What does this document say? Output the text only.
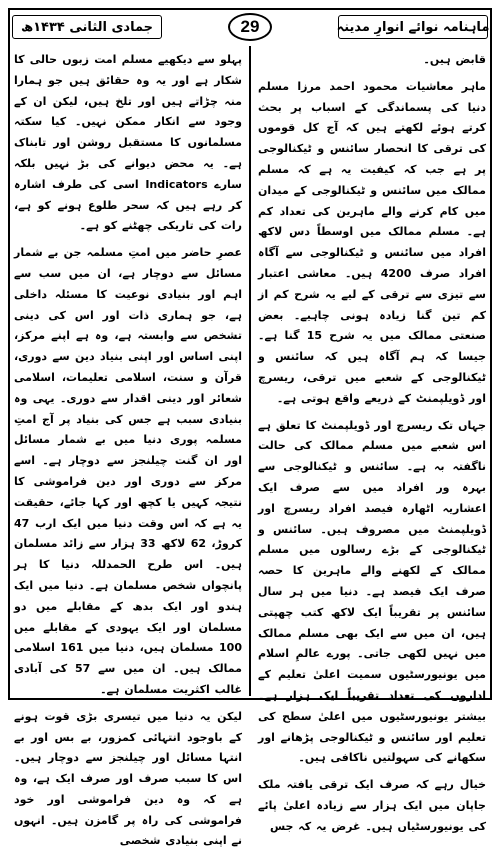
جمادی الثانی ۱۴۳۴ھ	29	ماہنامہ نوائے انوارِ مدینہ

قابض ہیں۔

ماہر معاشیات محمود احمد مرزا مسلم دنیا کی پسماندگی کے اسباب پر بحث کرتے ہوئے لکھتے ہیں کہ آج کل قوموں کی ترقی کا انحصار سائنس و ٹیکنالوجی پر ہے جب کہ کیفیت یہ ہے کہ مسلم ممالک میں سائنس و ٹیکنالوجی کے میدان میں کام کرنے والے ماہرین کی تعداد کم ہے۔ مسلم ممالک میں اوسطاً دس لاکھ افراد میں سائنس و ٹیکنالوجی سے آگاہ افراد صرف 4200 ہیں۔ معاشی اعتبار سے تیزی سے ترقی کے لیے یہ شرح کم از کم تین گنا زیادہ ہونی چاہیے۔ بعض صنعتی ممالک میں یہ شرح 15 گنا ہے۔ جیسا کہ ہم آگاہ ہیں کہ سائنس و ٹیکنالوجی کے شعبے میں ترقی، ریسرچ اور ڈویلپمنٹ کے ذریعے واقع ہوتی ہے۔

جہاں تک ریسرچ اور ڈویلپمنٹ کا تعلق ہے اس شعبے میں مسلم ممالک کی حالت ناگفتہ بہ ہے۔ سائنس و ٹیکنالوجی سے بہرہ ور افراد میں سے صرف ایک اعشاریہ اٹھارہ فیصد افراد ریسرچ اور ڈویلپمنٹ میں مصروف ہیں۔ سائنس و ٹیکنالوجی کے بڑے رسالوں میں مسلم ممالک کے لکھنے والے ماہرین کا حصہ صرف ایک فیصد ہے۔ دنیا میں ہر سال سائنس پر تقریباً ایک لاکھ کتب چھپتی ہیں، ان میں سے ایک بھی مسلم ممالک میں نہیں لکھی جاتی۔ پورے عالمِ اسلام میں یونیورسٹیوں سمیت اعلیٰ تعلیم کے اداروں کی تعداد تقریباً ایک ہزار ہے۔ بیشتر یونیورسٹیوں میں اعلیٰ سطح کی تعلیم اور سائنس و ٹیکنالوجی پڑھانے اور سکھانے کی سہولتیں ناکافی ہیں۔

خیال رہے کہ صرف ایک ترقی یافتہ ملک جاپان میں ایک ہزار سے زیادہ اعلیٰ پائے کی یونیورسٹیاں ہیں۔ غرض یہ کہ جس

پہلو سے دیکھیے مسلم امت زبوں حالی کا شکار ہے اور یہ وہ حقائق ہیں جو ہمارا منہ چڑاتے ہیں اور تلخ ہیں، لیکن ان کے وجود سے انکار ممکن نہیں۔ کیا سکتہ مسلمانوں کا مستقبل روشن اور تابناک ہے۔ یہ محض دیوانے کی بڑ نہیں بلکہ سارے Indicators اسی کی طرف اشارہ کر رہے ہیں کہ سحر طلوع ہونے کو ہے، رات کی تاریکی چھٹنے کو ہے۔

عصرِ حاضر میں امتِ مسلمہ جن بے شمار مسائل سے دوچار ہے، ان میں سب سے اہم اور بنیادی نوعیت کا مسئلہ داخلی ہے، جو ہماری ذات اور اس کی دینی تشخص سے وابستہ ہے، وہ ہے اپنے مرکز، اپنی اساس اور اپنی بنیاد دین سے دوری، قرآن و سنت، اسلامی تعلیمات، اسلامی شعائر اور دینی اقدار سے دوری۔ یہی وہ بنیادی سبب ہے جس کی بنیاد پر آج امتِ مسلمہ پوری دنیا میں بے شمار مسائل اور ان گنت چیلنجز سے دوچار ہے۔ اسے مرکز سے دوری اور دین فراموشی کا نتیجہ کہیں یا کچھ اور کہا جائے، حقیقت یہ ہے کہ اس وقت دنیا میں ایک ارب 47 کروڑ، 62 لاکھ 33 ہزار سے زائد مسلمان ہیں۔ اس طرح الحمدللہ دنیا کا ہر پانچواں شخص مسلمان ہے۔ دنیا میں ایک ہندو اور ایک بدھ کے مقابلے میں دو مسلمان اور ایک یہودی کے مقابلے میں 100 مسلمان ہیں، دنیا میں 161 اسلامی ممالک ہیں۔ ان میں سے 57 کی آبادی غالب اکثریت مسلمان ہے۔

لیکن یہ دنیا میں تیسری بڑی قوت ہونے کے باوجود انتہائی کمزور، بے بس اور بے انتہا مسائل اور چیلنجز سے دوچار ہیں۔ اس کا سبب صرف اور صرف ایک ہے، وہ ہے کہ وہ دین فراموشی اور خود فراموشی کی راہ پر گامزن ہیں۔ انہوں نے اپنی بنیادی شخصی
